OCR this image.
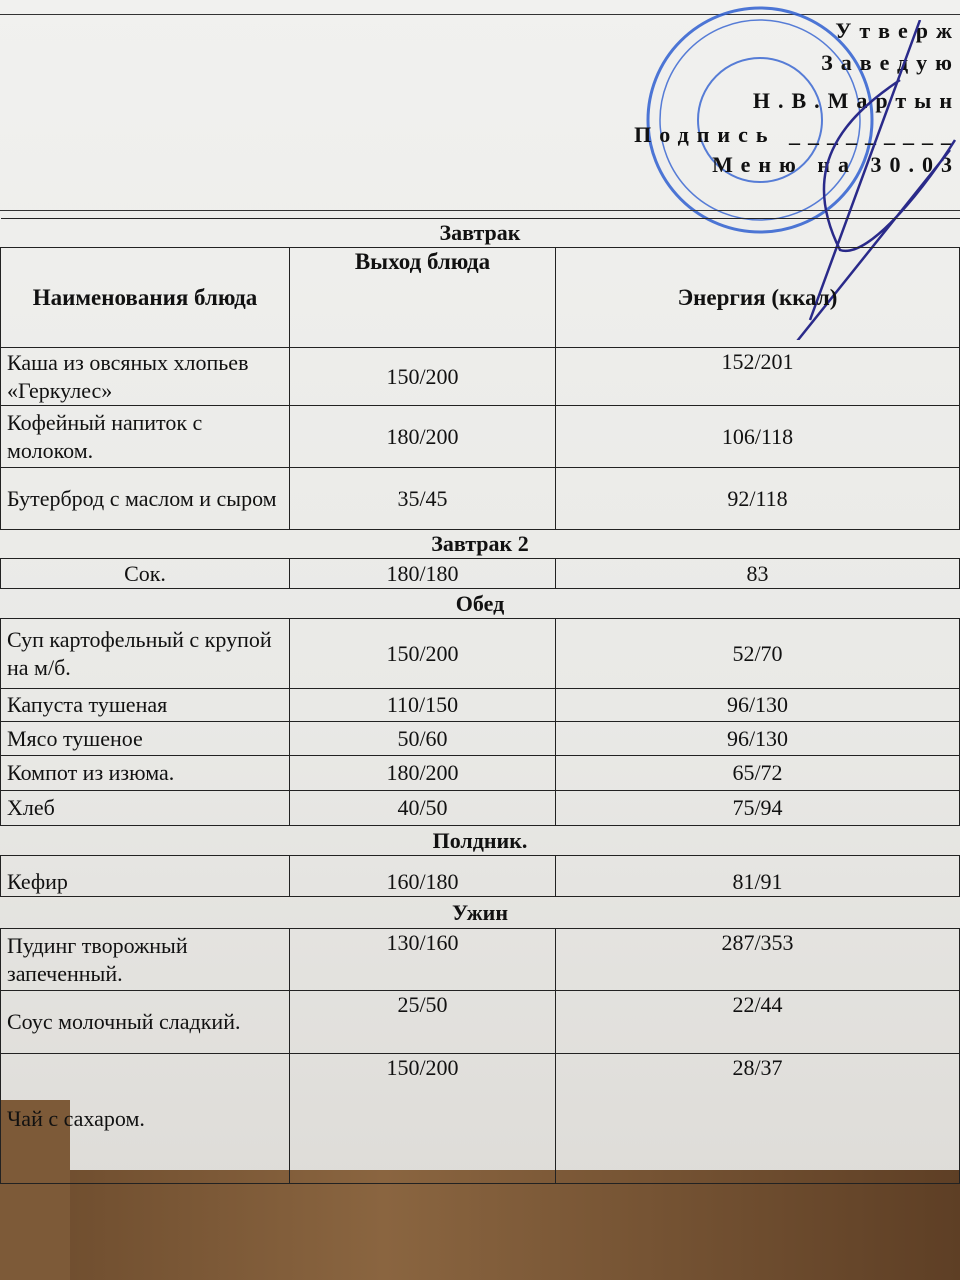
Утверж
Заведую
Н.В.Мартын
Подпись _________
Меню на 30.03
Завтрак		
Наименования блюда	Выход блюда	Энергия (ккал)
Каша из овсяных хлопьев «Геркулес»	150/200	152/201
Кофейный напиток с молоком.	180/200	106/118
Бутерброд с маслом и сыром	35/45	92/118
Завтрак 2		
Сок.	180/180	83
Обед		
Суп картофельный с крупой на м/б.	150/200	52/70
Капуста тушеная	110/150	96/130
Мясо тушеное	50/60	96/130
Компот из изюма.	180/200	65/72
Хлеб	40/50	75/94
Полдник.		
Кефир	160/180	81/91
Ужин		
Пудинг творожный запеченный.	130/160	287/353
Соус молочный сладкий.	25/50	22/44
Чай с сахаром.	150/200	28/37
